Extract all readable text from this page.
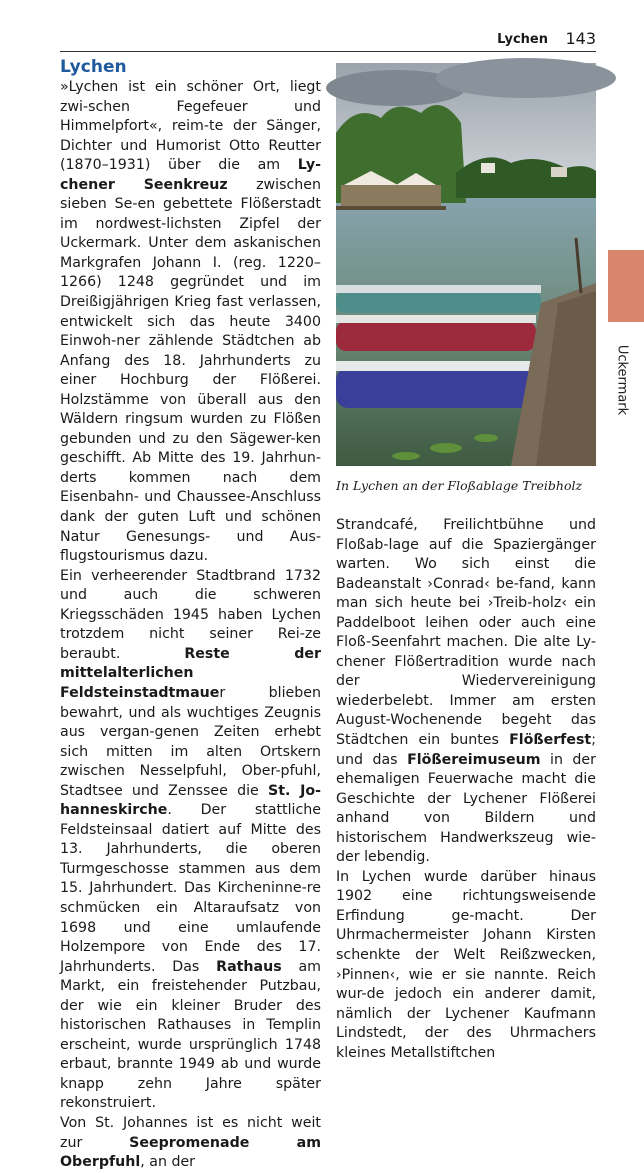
Lychen 143
Uckermark
Lychen

»Lychen ist ein schöner Ort, liegt zwi-schen Fegefeuer und Himmelpfort«, reim-te der Sänger, Dichter und Humorist Otto Reutter (1870–1931) über die am Ly-chener Seenkreuz zwischen sieben Se-en gebettete Flößerstadt im nordwest-lichsten Zipfel der Uckermark. Unter dem askanischen Markgrafen Johann I. (reg. 1220–1266) 1248 gegründet und im Dreißigjährigen Krieg fast verlassen, entwickelt sich das heute 3400 Einwoh-ner zählende Städtchen ab Anfang des 18. Jahrhunderts zu einer Hochburg der Flößerei. Holzstämme von überall aus den Wäldern ringsum wurden zu Flößen gebunden und zu den Sägewer-ken geschifft. Ab Mitte des 19. Jahrhun-derts kommen nach dem Eisenbahn- und Chaussee-Anschluss dank der guten Luft und schönen Natur Genesungs- und Aus-flugstourismus dazu.

Ein verheerender Stadtbrand 1732 und auch die schweren Kriegsschäden 1945 haben Lychen trotzdem nicht seiner Rei-ze beraubt. Reste der mittelalterlichen Feldsteinstadtmauer blieben bewahrt, und als wuchtiges Zeugnis aus vergan-genen Zeiten erhebt sich mitten im alten Ortskern zwischen Nesselpfuhl, Ober-pfuhl, Stadtsee und Zenssee die St. Jo-hanneskirche. Der stattliche Feldsteinsaal datiert auf Mitte des 13. Jahrhunderts, die oberen Turmgeschosse stammen aus dem 15. Jahrhundert. Das Kircheninne-re schmücken ein Altaraufsatz von 1698 und eine umlaufende Holzempore von Ende des 17. Jahrhunderts. Das Rathaus am Markt, ein freistehender Putzbau, der wie ein kleiner Bruder des historischen Rathauses in Templin erscheint, wurde ursprünglich 1748 erbaut, brannte 1949 ab und wurde knapp zehn Jahre später rekonstruiert.

Von St. Johannes ist es nicht weit zur Seepromenade am Oberpfuhl, an der

In Lychen an der Floßablage Treibholz

Strandcafé, Freilichtbühne und Floßab-lage auf die Spaziergänger warten. Wo sich einst die Badeanstalt ›Conrad‹ be-fand, kann man sich heute bei ›Treib-holz‹ ein Paddelboot leihen oder auch eine Floß-Seenfahrt machen. Die alte Ly-chener Flößertradition wurde nach der Wiedervereinigung wiederbelebt. Immer am ersten August-Wochenende begeht das Städtchen ein buntes Flößerfest; und das Flößereimuseum in der ehemaligen Feuerwache macht die Geschichte der Lychener Flößerei anhand von Bildern und historischem Handwerkszeug wie-der lebendig.

In Lychen wurde darüber hinaus 1902 eine richtungsweisende Erfindung ge-macht. Der Uhrmachermeister Johann Kirsten schenkte der Welt Reißzwecken, ›Pinnen‹, wie er sie nannte. Reich wur-de jedoch ein anderer damit, nämlich der Lychener Kaufmann Lindstedt, der des Uhrmachers kleines Metallstiftchen
